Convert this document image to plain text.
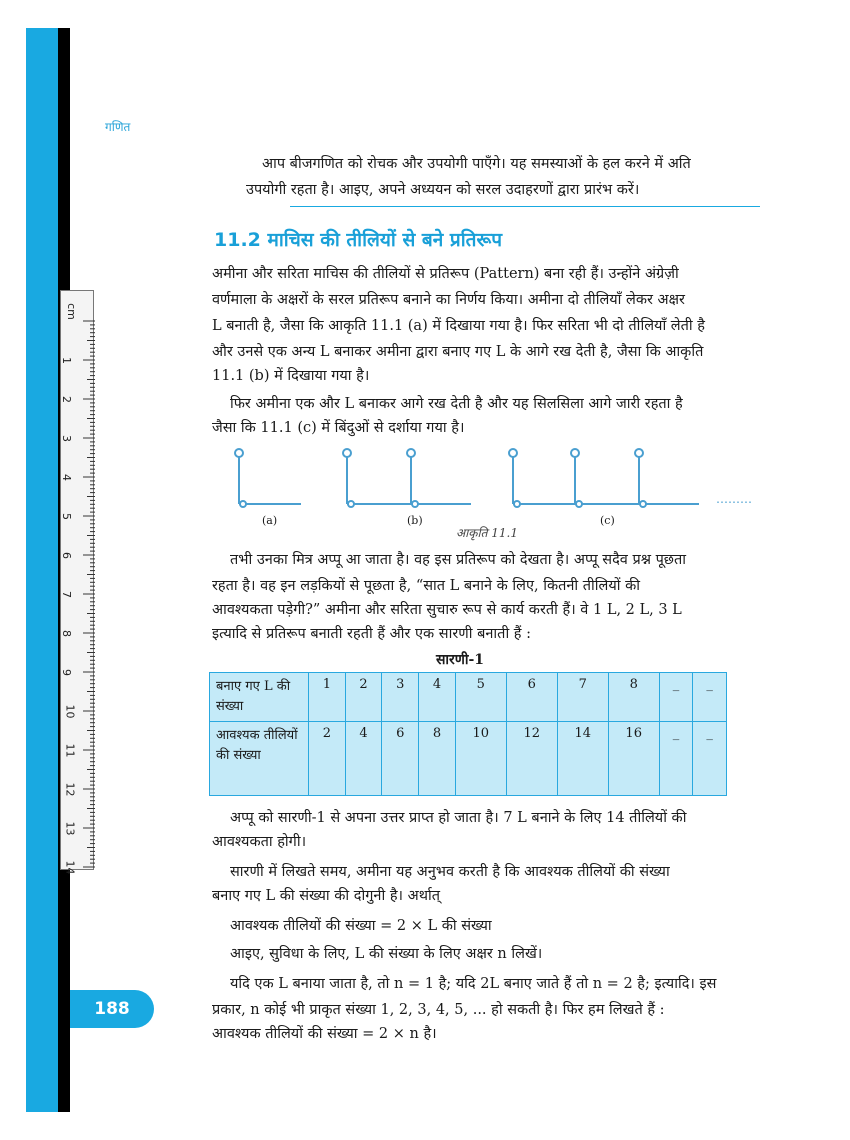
cm
1
2
3
4
5
6
7
8
9
10
11
12
13
14
गणित
आप बीजगणित को रोचक और उपयोगी पाएँगे। यह समस्याओं के हल करने में अति
उपयोगी रहता है। आइए, अपने अध्ययन को सरल उदाहरणों द्वारा प्रारंभ करें।
11.2 माचिस की तीलियों से बने प्रतिरूप
अमीना और सरिता माचिस की तीलियों से प्रतिरूप (Pattern) बना रही हैं। उन्होंने अंग्रेज़ी
वर्णमाला के अक्षरों के सरल प्रतिरूप बनाने का निर्णय किया। अमीना दो तीलियाँ लेकर अक्षर
L बनाती है, जैसा कि आकृति 11.1 (a) में दिखाया गया है। फिर सरिता भी दो तीलियाँ लेती है
और उनसे एक अन्य L बनाकर अमीना द्वारा बनाए गए L के आगे रख देती है, जैसा कि आकृति
11.1 (b) में दिखाया गया है।
फिर अमीना एक और L बनाकर आगे रख देती है और यह सिलसिला आगे जारी रहता है
जैसा कि 11.1 (c) में बिंदुओं से दर्शाया गया है।
………
(a)	(b)	(c)
आकृति 11.1
तभी उनका मित्र अप्पू आ जाता है। वह इस प्रतिरूप को देखता है। अप्पू सदैव प्रश्न पूछता
रहता है। वह इन लड़कियों से पूछता है, “सात L बनाने के लिए, कितनी तीलियों की
आवश्यकता पड़ेगी?” अमीना और सरिता सुचारु रूप से कार्य करती हैं। वे 1 L, 2 L, 3 L
इत्यादि से प्रतिरूप बनाती रहती हैं और एक सारणी बनाती हैं :
सारणी-1
बनाए गए L की संख्या	1	2	3	4	5	6	7	8	_	_
आवश्यक तीलियों की संख्या	2	4	6	8	10	12	14	16	_	_
अप्पू को सारणी-1 से अपना उत्तर प्राप्त हो जाता है। 7 L बनाने के लिए 14 तीलियों की
आवश्यकता होगी।
सारणी में लिखते समय, अमीना यह अनुभव करती है कि आवश्यक तीलियों की संख्या
बनाए गए L की संख्या की दोगुनी है। अर्थात्
आवश्यक तीलियों की संख्या = 2 × L की संख्या
आइए, सुविधा के लिए, L की संख्या के लिए अक्षर n लिखें।
यदि एक L बनाया जाता है, तो n = 1 है; यदि 2L बनाए जाते हैं तो n = 2 है; इत्यादि। इस
प्रकार, n कोई भी प्राकृत संख्या 1, 2, 3, 4, 5, ... हो सकती है। फिर हम लिखते हैं :
आवश्यक तीलियों की संख्या = 2 × n है।
188
